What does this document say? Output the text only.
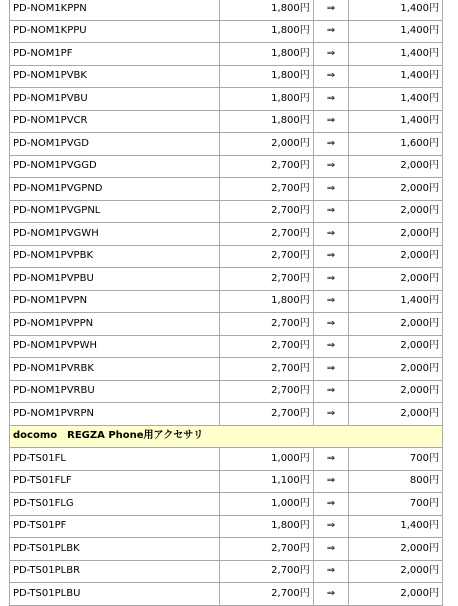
PD-NOM1KPPN	1,800円	⇒	1,400円
PD-NOM1KPPU	1,800円	⇒	1,400円
PD-NOM1PF	1,800円	⇒	1,400円
PD-NOM1PVBK	1,800円	⇒	1,400円
PD-NOM1PVBU	1,800円	⇒	1,400円
PD-NOM1PVCR	1,800円	⇒	1,400円
PD-NOM1PVGD	2,000円	⇒	1,600円
PD-NOM1PVGGD	2,700円	⇒	2,000円
PD-NOM1PVGPND	2,700円	⇒	2,000円
PD-NOM1PVGPNL	2,700円	⇒	2,000円
PD-NOM1PVGWH	2,700円	⇒	2,000円
PD-NOM1PVPBK	2,700円	⇒	2,000円
PD-NOM1PVPBU	2,700円	⇒	2,000円
PD-NOM1PVPN	1,800円	⇒	1,400円
PD-NOM1PVPPN	2,700円	⇒	2,000円
PD-NOM1PVPWH	2,700円	⇒	2,000円
PD-NOM1PVRBK	2,700円	⇒	2,000円
PD-NOM1PVRBU	2,700円	⇒	2,000円
PD-NOM1PVRPN	2,700円	⇒	2,000円
docomo　REGZA Phone用アクセサリ			
PD-TS01FL	1,000円	⇒	700円
PD-TS01FLF	1,100円	⇒	800円
PD-TS01FLG	1,000円	⇒	700円
PD-TS01PF	1,800円	⇒	1,400円
PD-TS01PLBK	2,700円	⇒	2,000円
PD-TS01PLBR	2,700円	⇒	2,000円
PD-TS01PLBU	2,700円	⇒	2,000円
